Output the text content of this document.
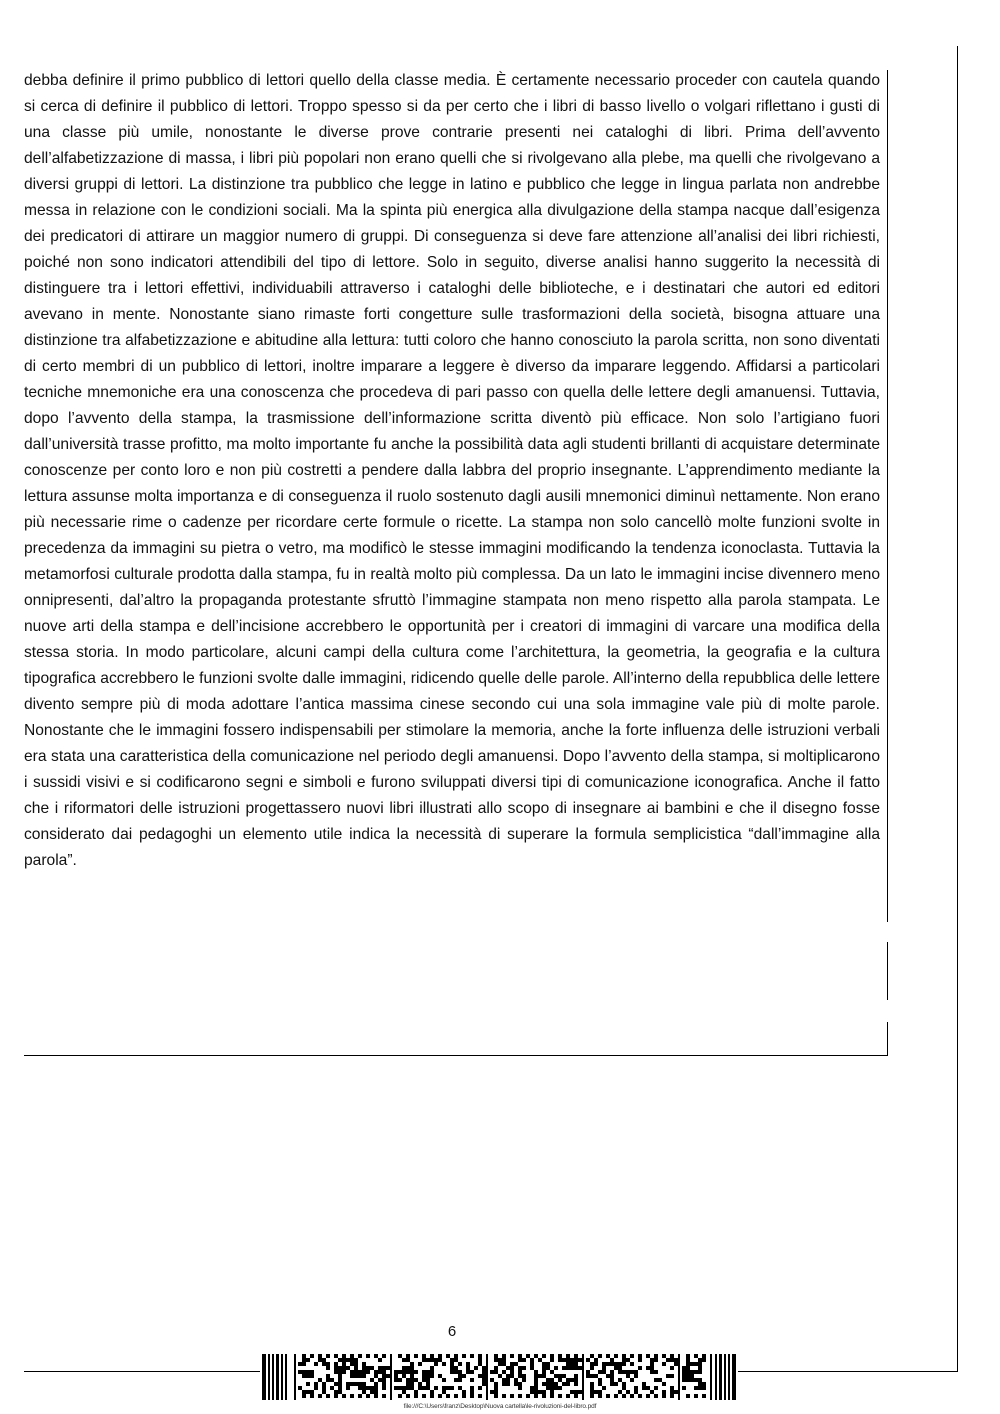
debba definire il primo pubblico di lettori quello della classe media. È certamente necessario proceder con cautela quando si cerca di definire il pubblico di lettori. Troppo spesso si da per certo che i libri di basso livello o volgari riflettano i gusti di una classe più umile, nonostante le diverse prove contrarie presenti nei cataloghi di libri. Prima dell’avvento dell’alfabetizzazione di massa, i libri più popolari non erano quelli che si rivolgevano alla plebe, ma quelli che rivolgevano a diversi gruppi di lettori. La distinzione tra pubblico che legge in latino e pubblico che legge in lingua parlata non andrebbe messa in relazione con le condizioni sociali. Ma la spinta più energica alla divulgazione della stampa nacque dall’esigenza dei predicatori di attirare un maggior numero di gruppi. Di conseguenza si deve fare attenzione all’analisi dei libri richiesti, poiché non sono indicatori attendibili del tipo di lettore. Solo in seguito, diverse analisi hanno suggerito la necessità di distinguere tra i lettori effettivi, individuabili attraverso i cataloghi delle biblioteche, e i destinatari che autori ed editori avevano in mente. Nonostante siano rimaste forti congetture sulle trasformazioni della società, bisogna attuare una distinzione tra alfabetizzazione e abitudine alla lettura: tutti coloro che hanno conosciuto la parola scritta, non sono diventati di certo membri di un pubblico di lettori, inoltre imparare a leggere è diverso da imparare leggendo. Affidarsi a particolari tecniche mnemoniche era una conoscenza che procedeva di pari passo con quella delle lettere degli amanuensi. Tuttavia, dopo l’avvento della stampa, la trasmissione dell’informazione scritta diventò più efficace. Non solo l’artigiano fuori dall’università trasse profitto, ma molto importante fu anche la possibilità data agli studenti brillanti di acquistare determinate conoscenze per conto loro e non più costretti a pendere dalla labbra del proprio insegnante. L’apprendimento mediante la lettura assunse molta importanza e di conseguenza il ruolo sostenuto dagli ausili mnemonici diminuì nettamente. Non erano più necessarie rime o cadenze per ricordare certe formule o ricette. La stampa non solo cancellò molte funzioni svolte in precedenza da immagini su pietra o vetro, ma modificò le stesse immagini modificando la tendenza iconoclasta. Tuttavia la metamorfosi culturale prodotta dalla stampa, fu in realtà molto più complessa. Da un lato le immagini incise divennero meno onnipresenti, dal’altro la propaganda protestante sfruttò l’immagine stampata non meno rispetto alla parola stampata. Le nuove arti della stampa e dell’incisione accrebbero le opportunità per i creatori di immagini di varcare una modifica della stessa storia. In modo particolare, alcuni campi della cultura come l’architettura, la geometria, la geografia e la cultura tipografica accrebbero le funzioni svolte dalle immagini, ridicendo quelle delle parole. All’interno della repubblica delle lettere divento sempre più di moda adottare l’antica massima cinese secondo cui una sola immagine vale più di molte parole. Nonostante che le immagini fossero indispensabili per stimolare la memoria, anche la forte influenza delle istruzioni verbali era stata una caratteristica della comunicazione nel periodo degli amanuensi. Dopo l’avvento della stampa, si moltiplicarono i sussidi visivi e si codificarono segni e simboli e furono sviluppati diversi tipi di comunicazione iconografica. Anche il fatto che i riformatori delle istruzioni progettassero nuovi libri illustrati allo scopo di insegnare ai bambini e che il disegno fosse considerato dai pedagoghi un elemento utile indica la necessità di superare la formula semplicistica “dall’immagine alla parola”.

6
file:///C:\Users\franz\Desktop\Nuova cartella\le-rivoluzioni-del-libro.pdf
